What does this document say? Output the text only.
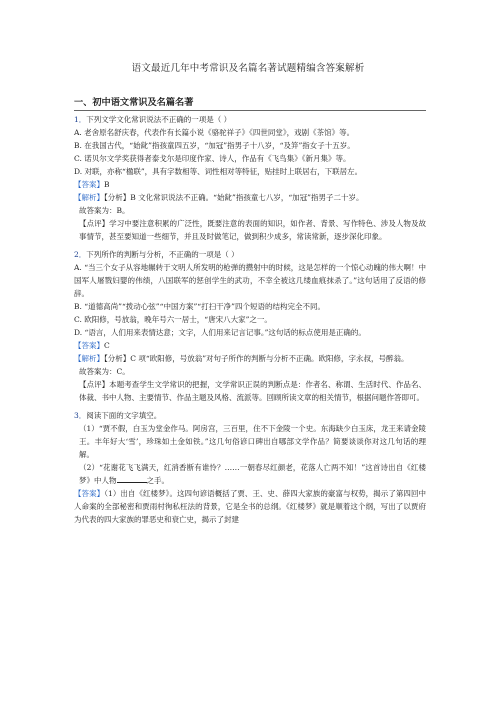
语文最近几年中考常识及名篇名著试题精编含答案解析
一、初中语文常识及名篇名著

1．下列文学文化常识说法不正确的一项是（ ）

A. 老舍原名舒庆春，代表作有长篇小说《骆驼祥子》《四世同堂》，戏剧《茶馆》等。

B. 在我国古代，“始龀”指孩童四五岁，“加冠”指男子十八岁，“及笄”指女子十五岁。

C. 诺贝尔文学奖获得者泰戈尔是印度作家、诗人，作品有《飞鸟集》《新月集》等。

D. 对联，亦称“楹联”，具有字数相等、词性相对等特征，贴挂时上联居右，下联居左。

【答案】B

【解析】【分析】B 文化常识说法不正确。“始龀”指孩童七八岁，“加冠”指男子二十岁。

故答案为：B。

【点评】学习中要注意积累的广泛性，既要注意的表面的知识，如作者、背景、写作特色、涉及人物及故事情节，甚至要知道一些细节，并且及时做笔记，做到积少成多，常读常新，逐步深化印象。

2．下列所作的判断与分析，不正确的一项是（ ）

A. “当三个女子从容地辗转于文明人所发明的枪弹的攒射中的时候，这是怎样的一个惊心动魄的伟大啊！中国军人屠戮妇婴的伟绩，八国联军的惩创学生的武功，不幸全被这几缕血痕抹杀了。”这句话用了反语的修辞。

B. “道德高尚”“拨动心弦”“中国方案”“打扫干净”四个短语的结构完全不同。

C. 欧阳修，号放翁，晚年号六一居士，“唐宋八大家”之一。

D. “语言，人们用来表情达意；文字，人们用来记言记事。”这句话的标点使用是正确的。

【答案】C

【解析】【分析】C 项“欧阳修，号放翁”对句子所作的判断与分析不正确。欧阳修，字永叔，号醉翁。

故答案为：C。

【点评】本题考查学生文学常识的把握，文学常识正误的判断点是：作者名、称谓、生活时代、作品名、体裁、书中人物、主要情节、作品主题及风格、流派等。回顾所读文章的相关情节，根据问题作答即可。

3．阅读下面的文字填空。

（1）“贾不假，白玉为堂金作马。阿房宫，三百里，住不下金陵一个史。东海缺少白玉床，龙王来请金陵王。丰年好大‘雪’，珍珠如土金如铁。”这几句俗谚口碑出自哪部文学作品？简要谈谈你对这几句话的理解。

（2）“花谢花飞飞满天，红消香断有谁怜？……一朝春尽红颜老，花落人亡两不知！”这首诗出自《红楼梦》中人物	之手。

【答案】（1）出自《红楼梦》。这四句谚语概括了贾、王、史、薛四大家族的豪富与权势，揭示了第四回中人命案的全部秘密和贾雨村徇私枉法的背景，它是全书的总纲。《红楼梦》就是顺着这个纲，写出了以贾府为代表的四大家族的罪恶史和衰亡史，揭示了封建
